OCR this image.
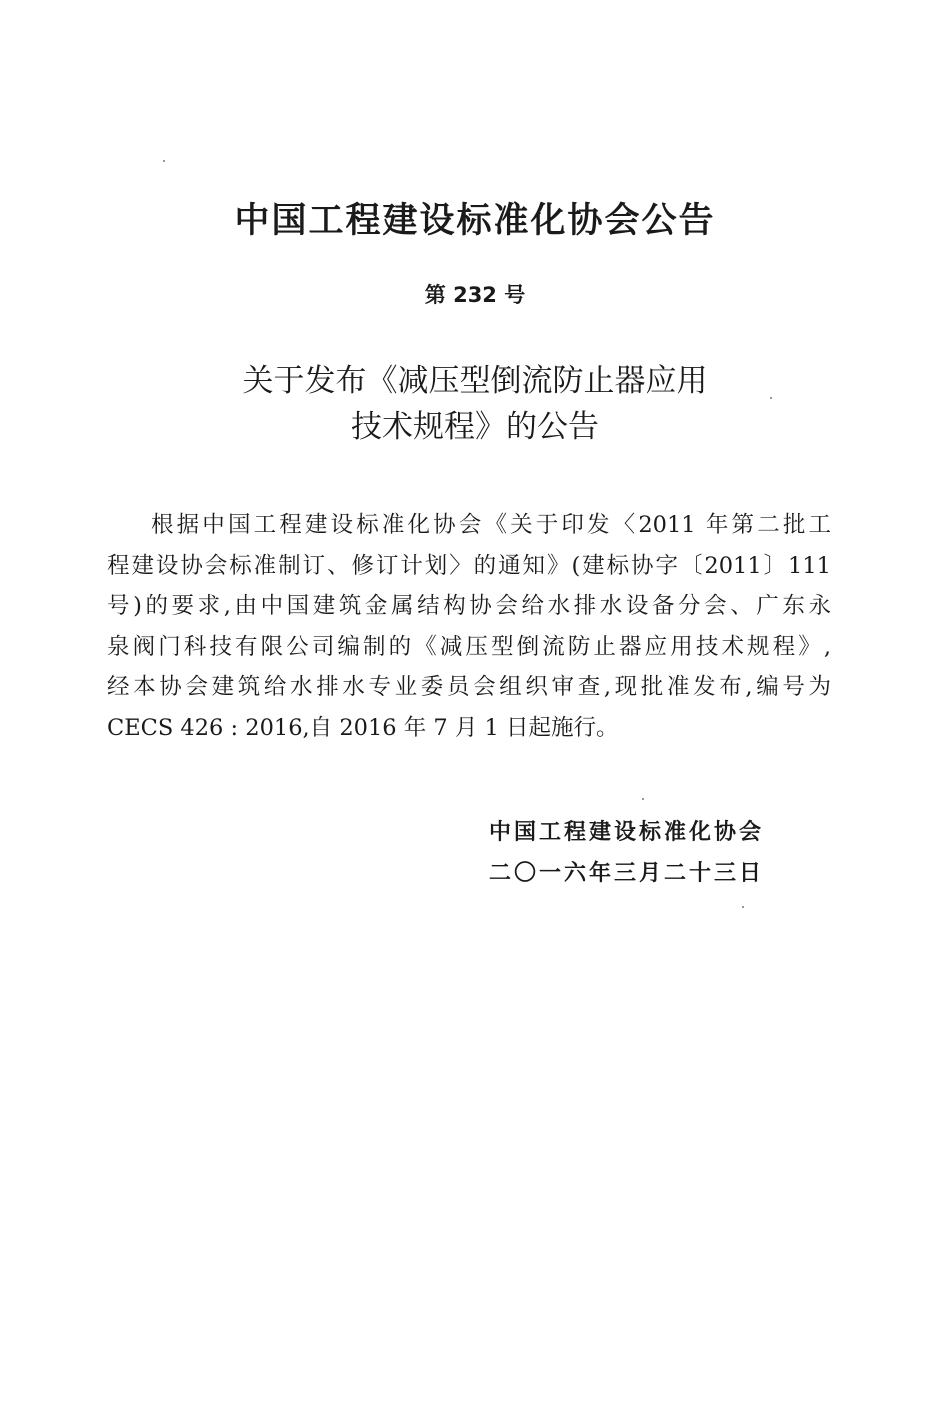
中国工程建设标准化协会公告
第 232 号
关于发布《减压型倒流防止器应用
技术规程》的公告
根据中国工程建设标准化协会《关于印发〈2011 年第二批工
程建设协会标准制订、修订计划〉的通知》(建标协字〔2011〕111
号)的要求,由中国建筑金属结构协会给水排水设备分会、广东永
泉阀门科技有限公司编制的《减压型倒流防止器应用技术规程》,
经本协会建筑给水排水专业委员会组织审查,现批准发布,编号为
CECS 426 : 2016,自 2016 年 7 月 1 日起施行。
中国工程建设标准化协会
二〇一六年三月二十三日
